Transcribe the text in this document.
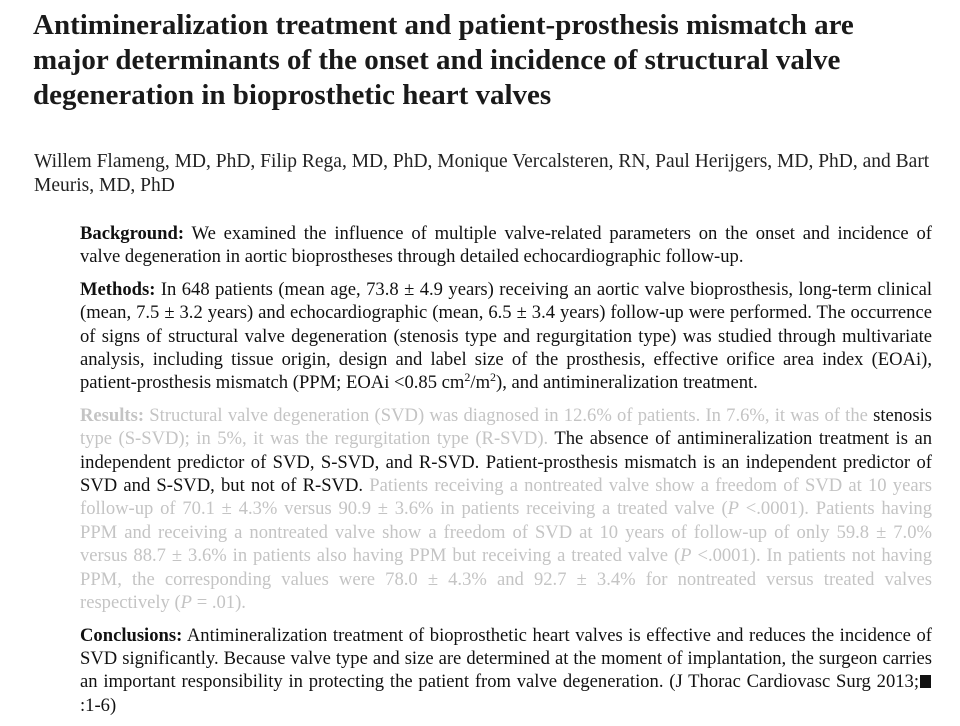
Antimineralization treatment and patient-prosthesis mismatch are major determinants of the onset and incidence of structural valve degeneration in bioprosthetic heart valves

Willem Flameng, MD, PhD, Filip Rega, MD, PhD, Monique Vercalsteren, RN, Paul Herijgers, MD, PhD, and Bart Meuris, MD, PhD

Background: We examined the influence of multiple valve-related parameters on the onset and incidence of valve degeneration in aortic bioprostheses through detailed echocardiographic follow-up.

Methods: In 648 patients (mean age, 73.8 ± 4.9 years) receiving an aortic valve bioprosthesis, long-term clinical (mean, 7.5 ± 3.2 years) and echocardiographic (mean, 6.5 ± 3.4 years) follow-up were performed. The occurrence of signs of structural valve degeneration (stenosis type and regurgitation type) was studied through multivariate analysis, including tissue origin, design and label size of the prosthesis, effective orifice area index (EOAi), patient-prosthesis mismatch (PPM; EOAi <0.85 $cm^2/m^2$), and antimineralization treatment.

Results: Structural valve degeneration (SVD) was diagnosed in 12.6% of patients. In 7.6%, it was of the stenosis type (S-SVD); in 5%, it was the regurgitation type (R-SVD). The absence of antimineralization treatment is an independent predictor of SVD, S-SVD, and R-SVD. Patient-prosthesis mismatch is an independent predictor of SVD and S-SVD, but not of R-SVD. Patients receiving a nontreated valve show a freedom of SVD at 10 years follow-up of 70.1 ± 4.3% versus 90.9 ± 3.6% in patients receiving a treated valve (P <.0001). Patients having PPM and receiving a nontreated valve show a freedom of SVD at 10 years of follow-up of only 59.8 ± 7.0% versus 88.7 ± 3.6% in patients also having PPM but receiving a treated valve (P <.0001). In patients not having PPM, the corresponding values were 78.0 ± 4.3% and 92.7 ± 3.4% for nontreated versus treated valves respectively (P = .01).

Conclusions: Antimineralization treatment of bioprosthetic heart valves is effective and reduces the incidence of SVD significantly. Because valve type and size are determined at the moment of implantation, the surgeon carries an important responsibility in protecting the patient from valve degeneration. (J Thorac Cardiovasc Surg 2013;:1-6)
